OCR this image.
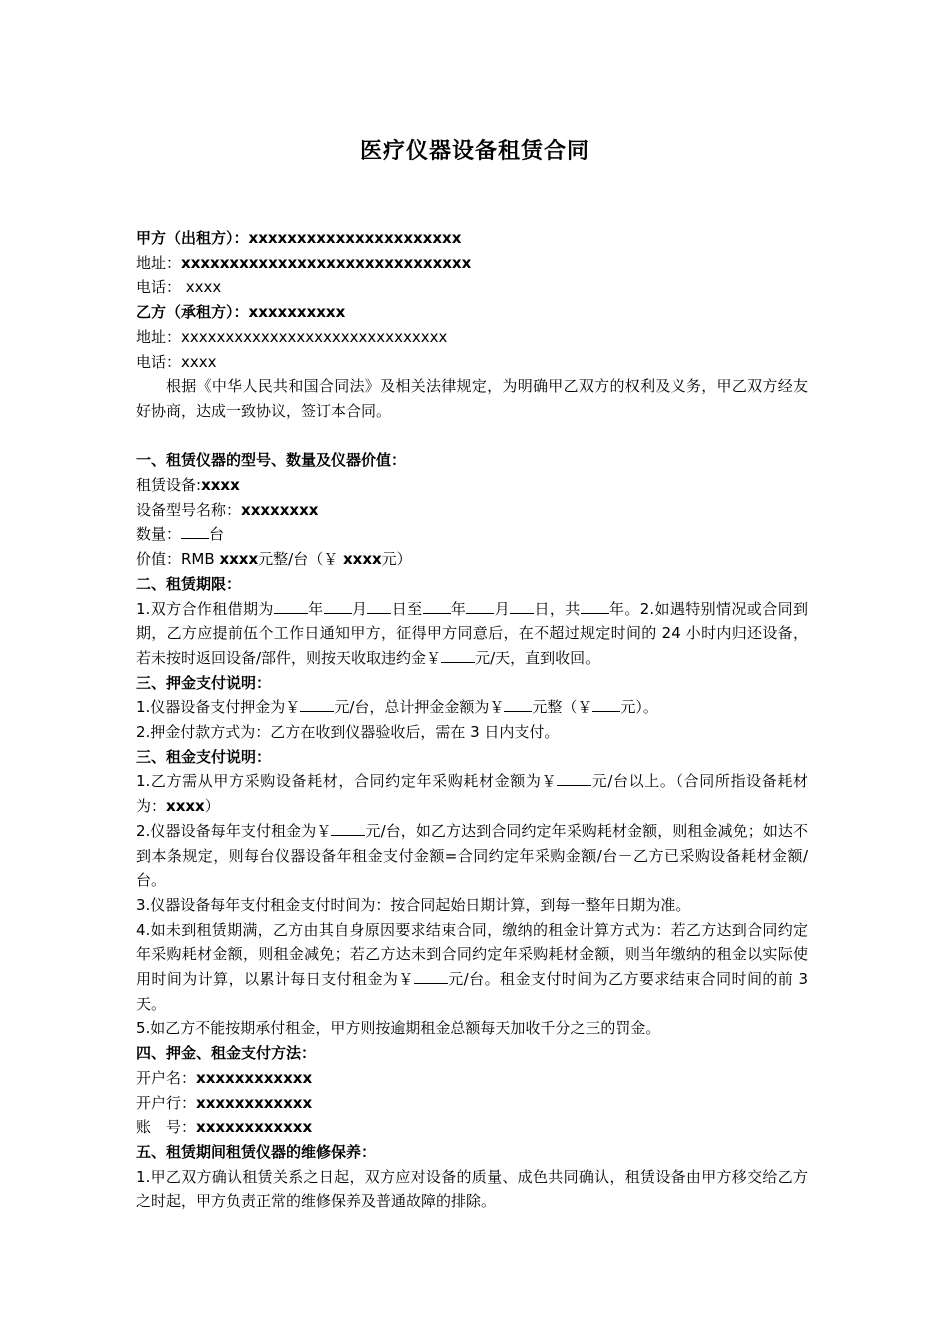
医疗仪器设备租赁合同
甲方（出租方）：xxxxxxxxxxxxxxxxxxxxxx
地址：xxxxxxxxxxxxxxxxxxxxxxxxxxxxxx
电话： xxxx
乙方（承租方）：xxxxxxxxxx
地址：xxxxxxxxxxxxxxxxxxxxxxxxxxxxxx
电话：xxxx
根据《中华人民共和国合同法》及相关法律规定，为明确甲乙双方的权利及义务，甲乙双方经友好协商，达成一致协议，签订本合同。
一、租赁仪器的型号、数量及仪器价值：
租赁设备:xxxx
设备型号名称：xxxxxxxx
数量： 台
价值：RMB xxxx元整/台（￥ xxxx元）
二、租赁期限：
1.双方合作租借期为 年 月 日至 年 月 日，共 年。2.如遇特别情况或合同到期，乙方应提前伍个工作日通知甲方，征得甲方同意后，在不超过规定时间的 24 小时内归还设备，若未按时返回设备/部件，则按天收取违约金￥ 元/天，直到收回。
三、押金支付说明：
1.仪器设备支付押金为￥ 元/台，总计押金金额为￥ 元整（￥ 元）。
2.押金付款方式为：乙方在收到仪器验收后，需在 3 日内支付。
三、租金支付说明：
1.乙方需从甲方采购设备耗材，合同约定年采购耗材金额为￥ 元/台以上。（合同所指设备耗材为：xxxx）
2.仪器设备每年支付租金为￥ 元/台，如乙方达到合同约定年采购耗材金额，则租金减免；如达不到本条规定，则每台仪器设备年租金支付金额=合同约定年采购金额/台－乙方已采购设备耗材金额/台。
3.仪器设备每年支付租金支付时间为：按合同起始日期计算，到每一整年日期为准。
4.如未到租赁期满，乙方由其自身原因要求结束合同，缴纳的租金计算方式为：若乙方达到合同约定年采购耗材金额，则租金减免；若乙方达未到合同约定年采购耗材金额，则当年缴纳的租金以实际使用时间为计算，以累计每日支付租金为￥ 元/台。租金支付时间为乙方要求结束合同时间的前 3 天。
5.如乙方不能按期承付租金，甲方则按逾期租金总额每天加收千分之三的罚金。
四、押金、租金支付方法：
开户名：xxxxxxxxxxxx
开户行：xxxxxxxxxxxx
账　号：xxxxxxxxxxxx
五、租赁期间租赁仪器的维修保养：
1.甲乙双方确认租赁关系之日起，双方应对设备的质量、成色共同确认，租赁设备由甲方移交给乙方之时起，甲方负责正常的维修保养及普通故障的排除。
